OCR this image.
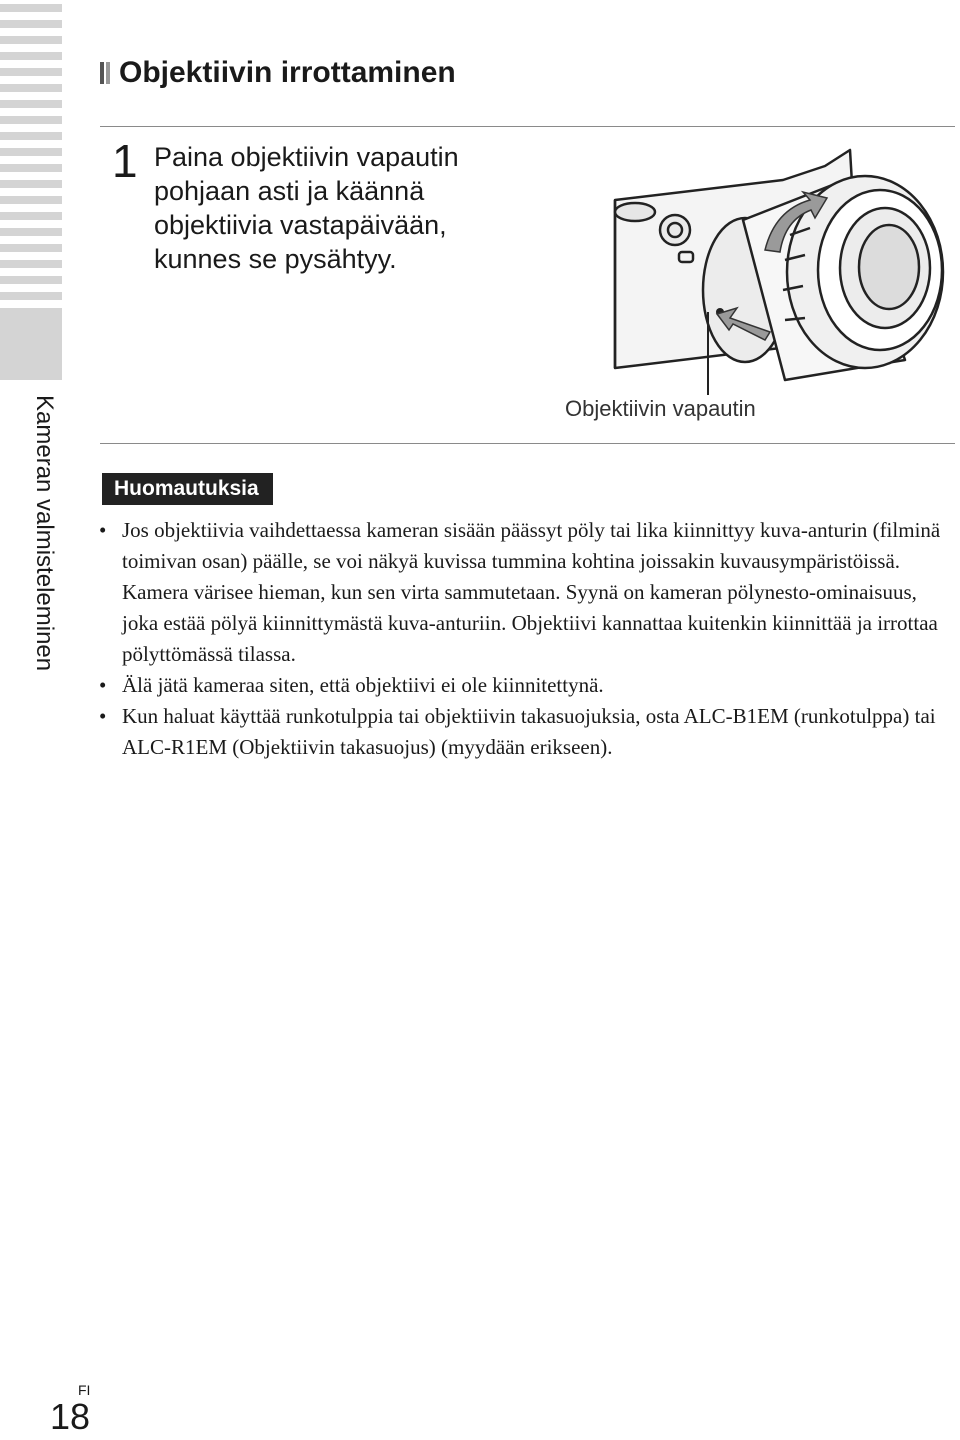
Kameran valmisteleminen
Objektiivin irrottaminen
1 Paina objektiivin vapautin
pohjaan asti ja käännä
objektiivia vastapäivään,
kunnes se pysähtyy.
Objektiivin vapautin
Huomautuksia
• Jos objektiivia vaihdettaessa kameran sisään päässyt pöly tai lika kiinnittyy kuva-anturin (filminä toimivan osan) päälle, se voi näkyä kuvissa tummina kohtina joissakin kuvausympäristöissä. Kamera värisee hieman, kun sen virta sammutetaan. Syynä on kameran pölynesto-ominaisuus, joka estää pölyä kiinnittymästä kuva-anturiin. Objektiivi kannattaa kuitenkin kiinnittää ja irrottaa pölyttömässä tilassa.
• Älä jätä kameraa siten, että objektiivi ei ole kiinnitettynä.
• Kun haluat käyttää runkotulppia tai objektiivin takasuojuksia, osta ALC-B1EM (runkotulppa) tai ALC-R1EM (Objektiivin takasuojus) (myydään erikseen).
FI
18
